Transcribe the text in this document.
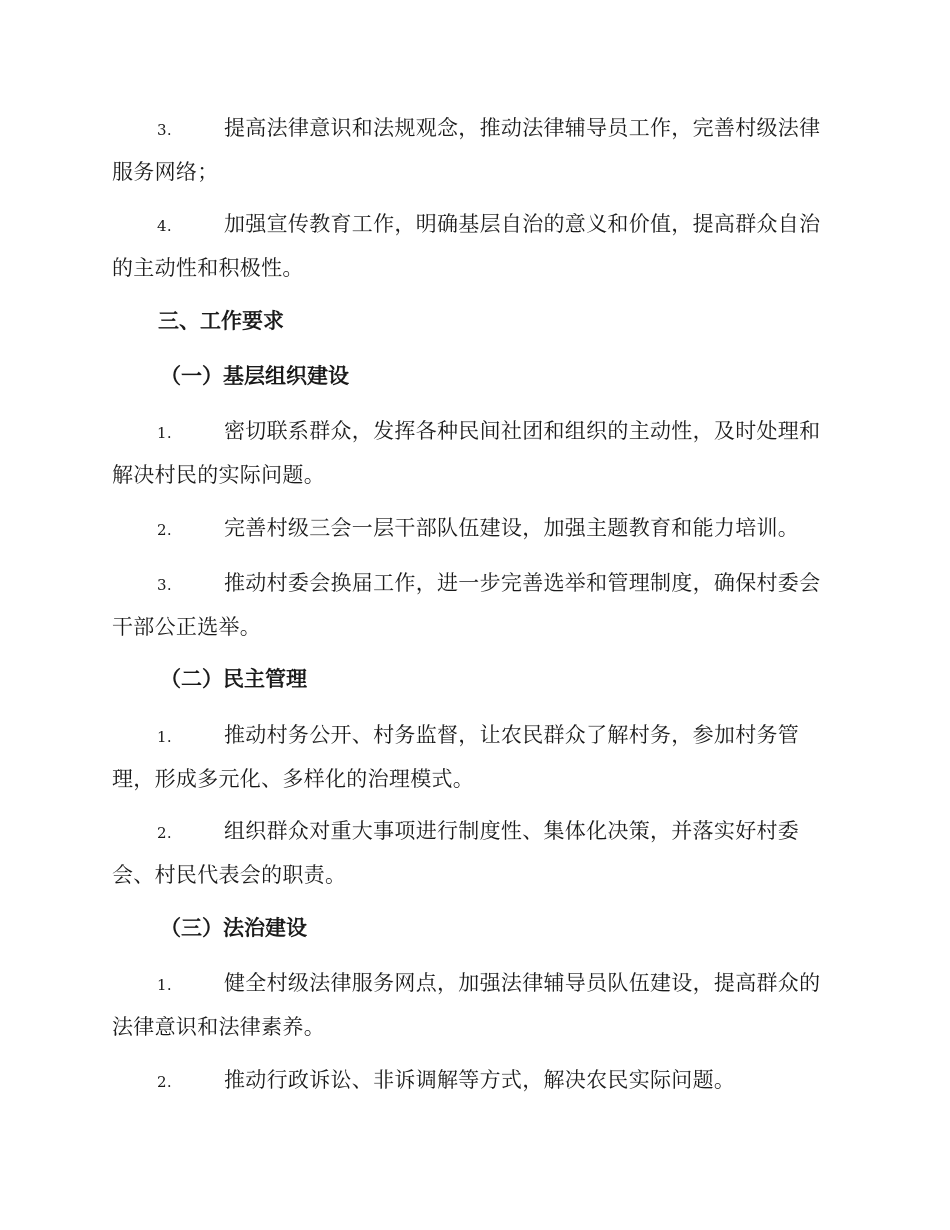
3. 提高法律意识和法规观念，推动法律辅导员工作，完善村级法律
服务网络；
4. 加强宣传教育工作，明确基层自治的意义和价值，提高群众自治
的主动性和积极性。
三、工作要求
（一）基层组织建设
1. 密切联系群众，发挥各种民间社团和组织的主动性，及时处理和
解决村民的实际问题。
2. 完善村级三会一层干部队伍建设，加强主题教育和能力培训。
3. 推动村委会换届工作，进一步完善选举和管理制度，确保村委会
干部公正选举。
（二）民主管理
1. 推动村务公开、村务监督，让农民群众了解村务，参加村务管
理，形成多元化、多样化的治理模式。
2. 组织群众对重大事项进行制度性、集体化决策，并落实好村委
会、村民代表会的职责。
（三）法治建设
1. 健全村级法律服务网点，加强法律辅导员队伍建设，提高群众的
法律意识和法律素养。
2. 推动行政诉讼、非诉调解等方式，解决农民实际问题。
